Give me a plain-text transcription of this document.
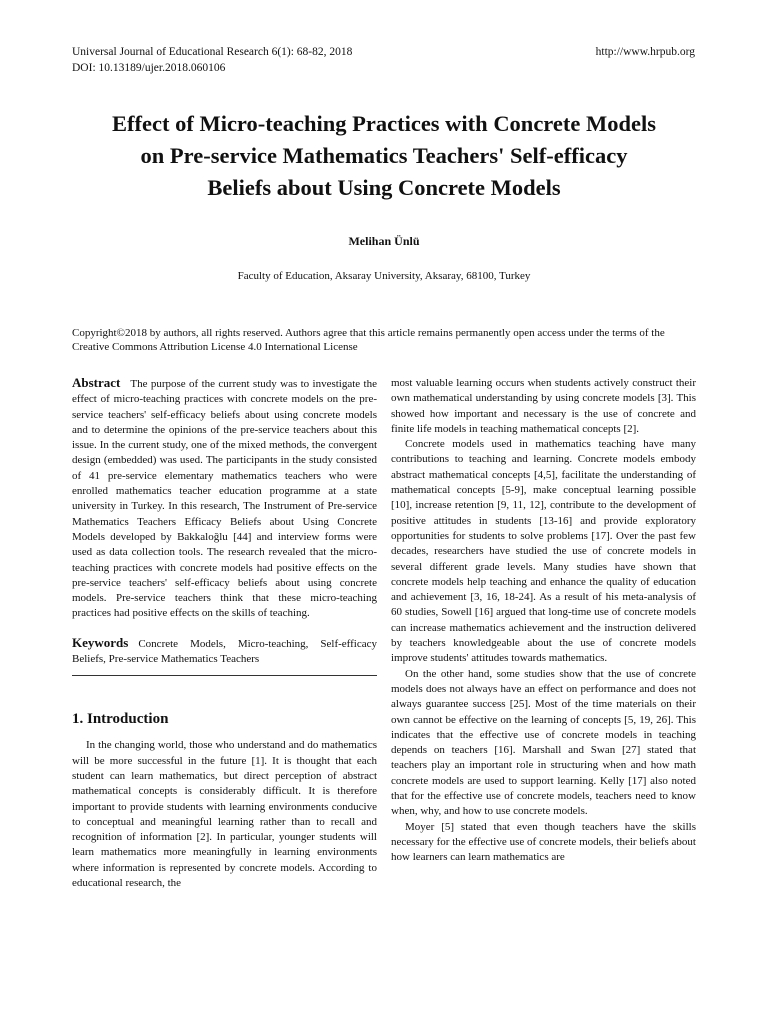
Universal Journal of Educational Research 6(1): 68-82, 2018
DOI: 10.13189/ujer.2018.060106
http://www.hrpub.org
Effect of Micro-teaching Practices with Concrete Models
on Pre-service Mathematics Teachers' Self-efficacy
Beliefs about Using Concrete Models
Melihan Ünlü
Faculty of Education, Aksaray University, Aksaray, 68100, Turkey
Copyright©2018 by authors, all rights reserved. Authors agree that this article remains permanently open access under the terms of the Creative Commons Attribution License 4.0 International License

Abstract The purpose of the current study was to investigate the effect of micro-teaching practices with concrete models on the pre-service teachers' self-efficacy beliefs about using concrete models and to determine the opinions of the pre-service teachers about this issue. In the current study, one of the mixed methods, the convergent design (embedded) was used. The participants in the study consisted of 41 pre-service elementary mathematics teachers who were enrolled mathematics teacher education programme at a state university in Turkey. In this research, The Instrument of Pre-service Mathematics Teachers Efficacy Beliefs about Using Concrete Models developed by Bakkaloğlu [44] and interview forms were used as data collection tools. The research revealed that the micro-teaching practices with concrete models had positive effects on the pre-service teachers' self-efficacy beliefs about using concrete models. Pre-service teachers think that these micro-teaching practices had positive effects on the skills of teaching.

Keywords Concrete Models, Micro-teaching, Self-efficacy Beliefs, Pre-service Mathematics Teachers

1. Introduction

In the changing world, those who understand and do mathematics will be more successful in the future [1]. It is thought that each student can learn mathematics, but direct perception of abstract mathematical concepts is considerably difficult. It is therefore important to provide students with learning environments conducive to conceptual and meaningful learning rather than to recall and recognition of information [2]. In particular, younger students will learn mathematics more meaningfully in learning environments where information is represented by concrete models. According to educational research, the

most valuable learning occurs when students actively construct their own mathematical understanding by using concrete models [3]. This showed how important and necessary is the use of concrete and finite life models in teaching mathematical concepts [2].

Concrete models used in mathematics teaching have many contributions to teaching and learning. Concrete models embody abstract mathematical concepts [4,5], facilitate the understanding of mathematical concepts [5-9], make conceptual learning possible [10], increase retention [9, 11, 12], contribute to the development of positive attitudes in students [13-16] and provide exploratory opportunities for students to solve problems [17]. Over the past few decades, researchers have studied the use of concrete models in several different grade levels. Many studies have shown that concrete models help teaching and enhance the quality of education and achievement [3, 16, 18-24]. As a result of his meta-analysis of 60 studies, Sowell [16] argued that long-time use of concrete models can increase mathematics achievement and the instruction delivered by teachers knowledgeable about the use of concrete models improve students' attitudes towards mathematics.

On the other hand, some studies show that the use of concrete models does not always have an effect on performance and does not always guarantee success [25]. Most of the time materials on their own cannot be effective on the learning of concepts [5, 19, 26]. This indicates that the effective use of concrete models in teaching depends on teachers [16]. Marshall and Swan [27] stated that teachers play an important role in structuring when and how math concrete models are used to support learning. Kelly [17] also noted that for the effective use of concrete models, teachers need to know when, why, and how to use concrete models.

Moyer [5] stated that even though teachers have the skills necessary for the effective use of concrete models, their beliefs about how learners can learn mathematics are
